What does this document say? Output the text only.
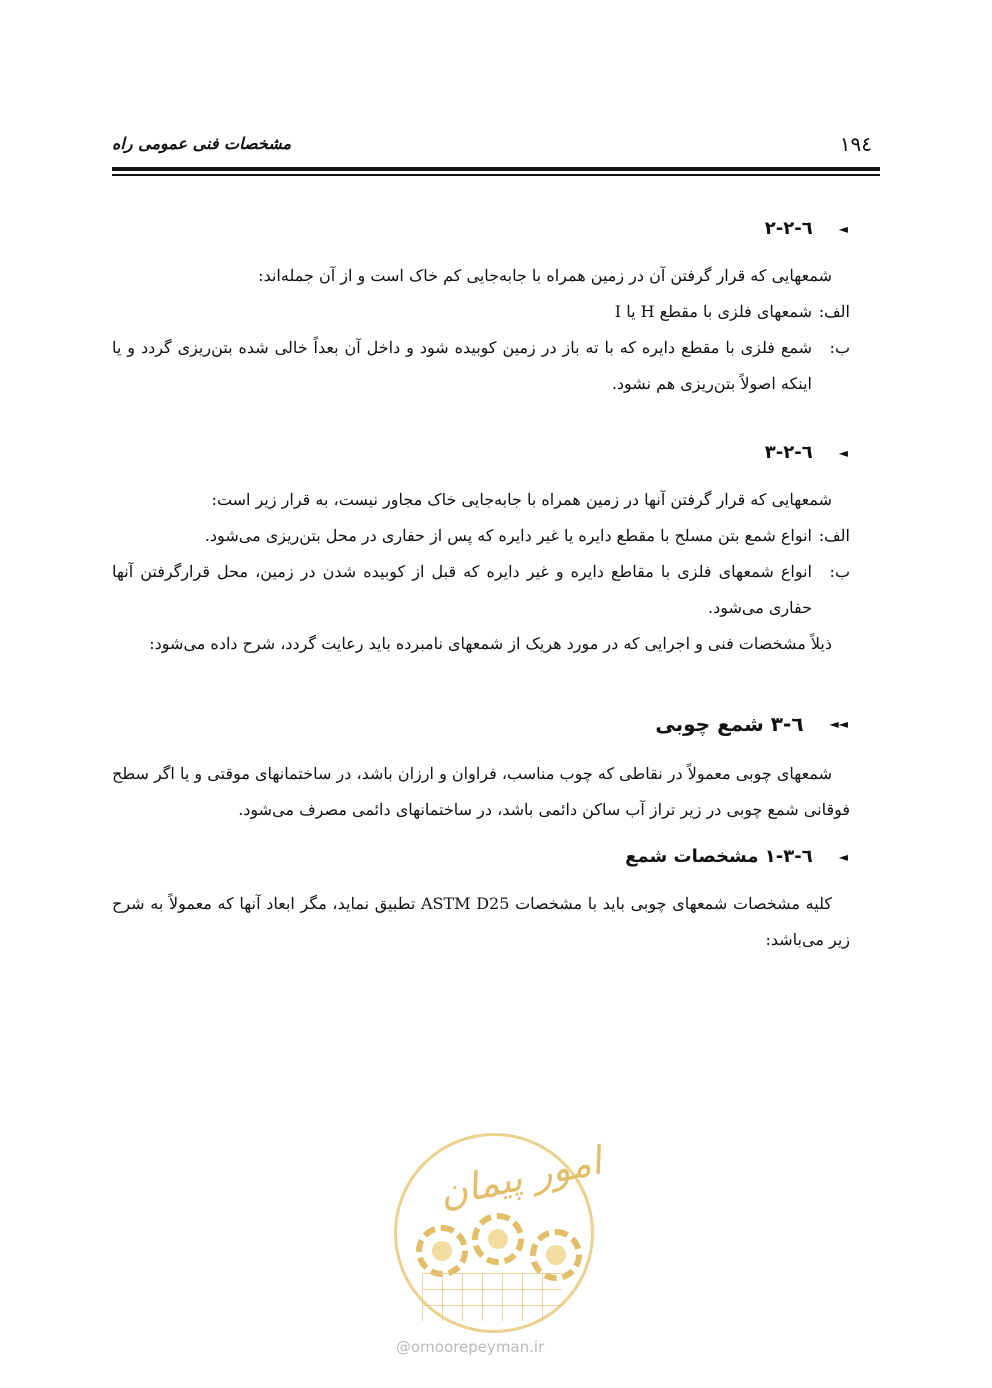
۱۹٤
مشخصات فنی عمومی راه
◄
٦-٢-٢

شمعهایی که قرار گرفتن آن در زمین همراه با جابه‌جایی کم خاک است و از آن جمله‌اند:

الف:
شمعهای فلزی با مقطع H یا I
ب:
شمع فلزی با مقطع دایره که با ته باز در زمین کوبیده شود و داخل آن بعداً خالی شده بتن‌ریزی گردد و یا اینکه اصولاً بتن‌ریزی هم نشود.
◄
٦-٢-٣

شمعهایی که قرار گرفتن آنها در زمین همراه با جابه‌جایی خاک مجاور نیست، به قرار زیر است:

الف:
انواع شمع بتن مسلح با مقطع دایره یا غیر دایره که پس از حفاری در محل بتن‌ریزی می‌شود.
ب:
انواع شمعهای فلزی با مقاطع دایره و غیر دایره که قبل از کوبیده شدن در زمین، محل قرارگرفتن آنها حفاری می‌شود.

ذیلاً مشخصات فنی و اجرایی که در مورد هریک از شمعهای نامبرده باید رعایت گردد، شرح داده می‌شود:

◄◄
٦-٣ شمع چوبی

شمعهای چوبی معمولاً در نقاطی که چوب مناسب، فراوان و ارزان باشد، در ساختمانهای موقتی و یا اگر سطح فوقانی شمع چوبی در زیر تراز آب ساکن دائمی باشد، در ساختمانهای دائمی مصرف می‌شود.

◄
٦-٣-١ مشخصات شمع

کلیه مشخصات شمعهای چوبی باید با مشخصات ASTM D25 تطبیق نماید، مگر ابعاد آنها که معمولاً به شرح زیر می‌باشد:

امور پیمان
@omoorepeyman.ir
